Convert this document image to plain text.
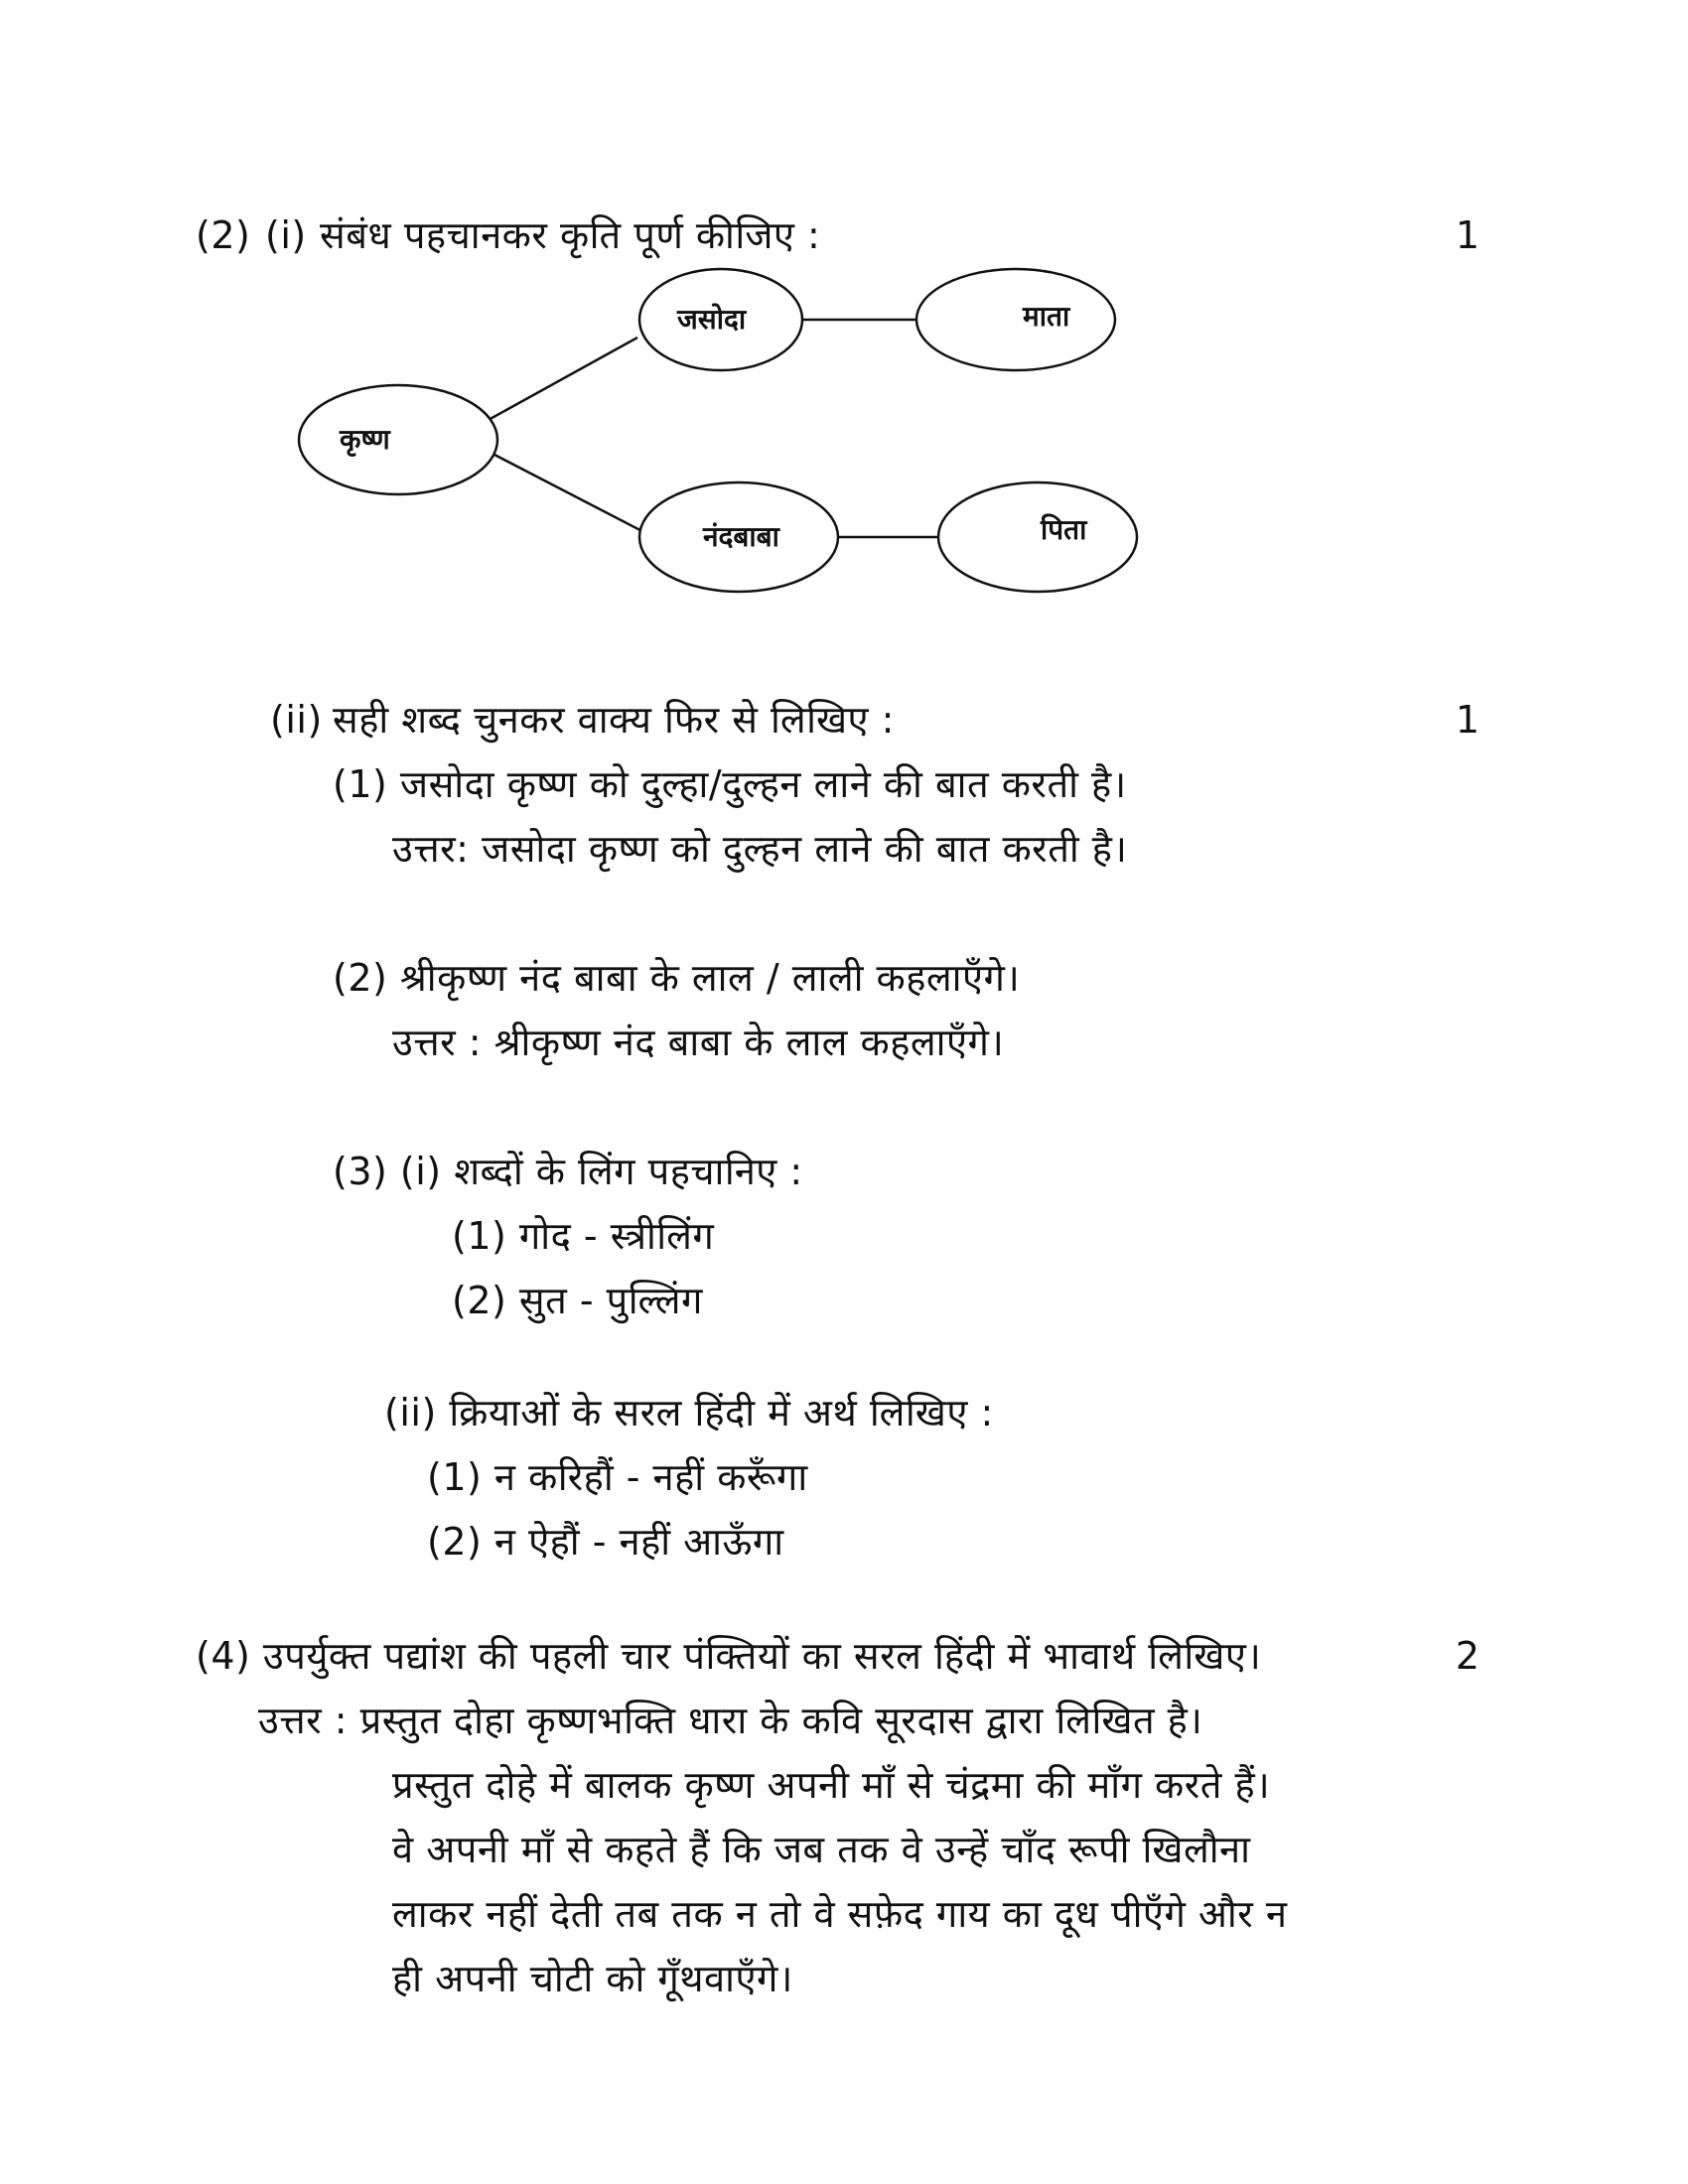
(2) (i) संबंध पहचानकर कृति पूर्ण कीजिए :	1
कृष्ण
जसोदा	माता
नंदबाबा	पिता
(ii) सही शब्द चुनकर वाक्य फिर से लिखिए :	1
(1) जसोदा कृष्ण को दुल्हा/दुल्हन लाने की बात करती है।
उत्तर: जसोदा कृष्ण को दुल्हन लाने की बात करती है।
(2) श्रीकृष्ण नंद बाबा के लाल / लाली कहलाएँगे।
उत्तर : श्रीकृष्ण नंद बाबा के लाल कहलाएँगे।
(3) (i) शब्दों के लिंग पहचानिए :
(1) गोद - स्त्रीलिंग
(2) सुत - पुल्लिंग
(ii) क्रियाओं के सरल हिंदी में अर्थ लिखिए :
(1) न करिहौं - नहीं करूँगा
(2) न ऐहौं - नहीं आऊँगा
(4) उपर्युक्त पद्यांश की पहली चार पंक्तियों का सरल हिंदी में भावार्थ लिखिए।	2
उत्तर : प्रस्तुत दोहा कृष्णभक्ति धारा के कवि सूरदास द्वारा लिखित है।
प्रस्तुत दोहे में बालक कृष्ण अपनी माँ से चंद्रमा की माँग करते हैं।
वे अपनी माँ से कहते हैं कि जब तक वे उन्हें चाँद रूपी खिलौना
लाकर नहीं देती तब तक न तो वे सफ़ेद गाय का दूध पीएँगे और न
ही अपनी चोटी को गूँथवाएँगे।
